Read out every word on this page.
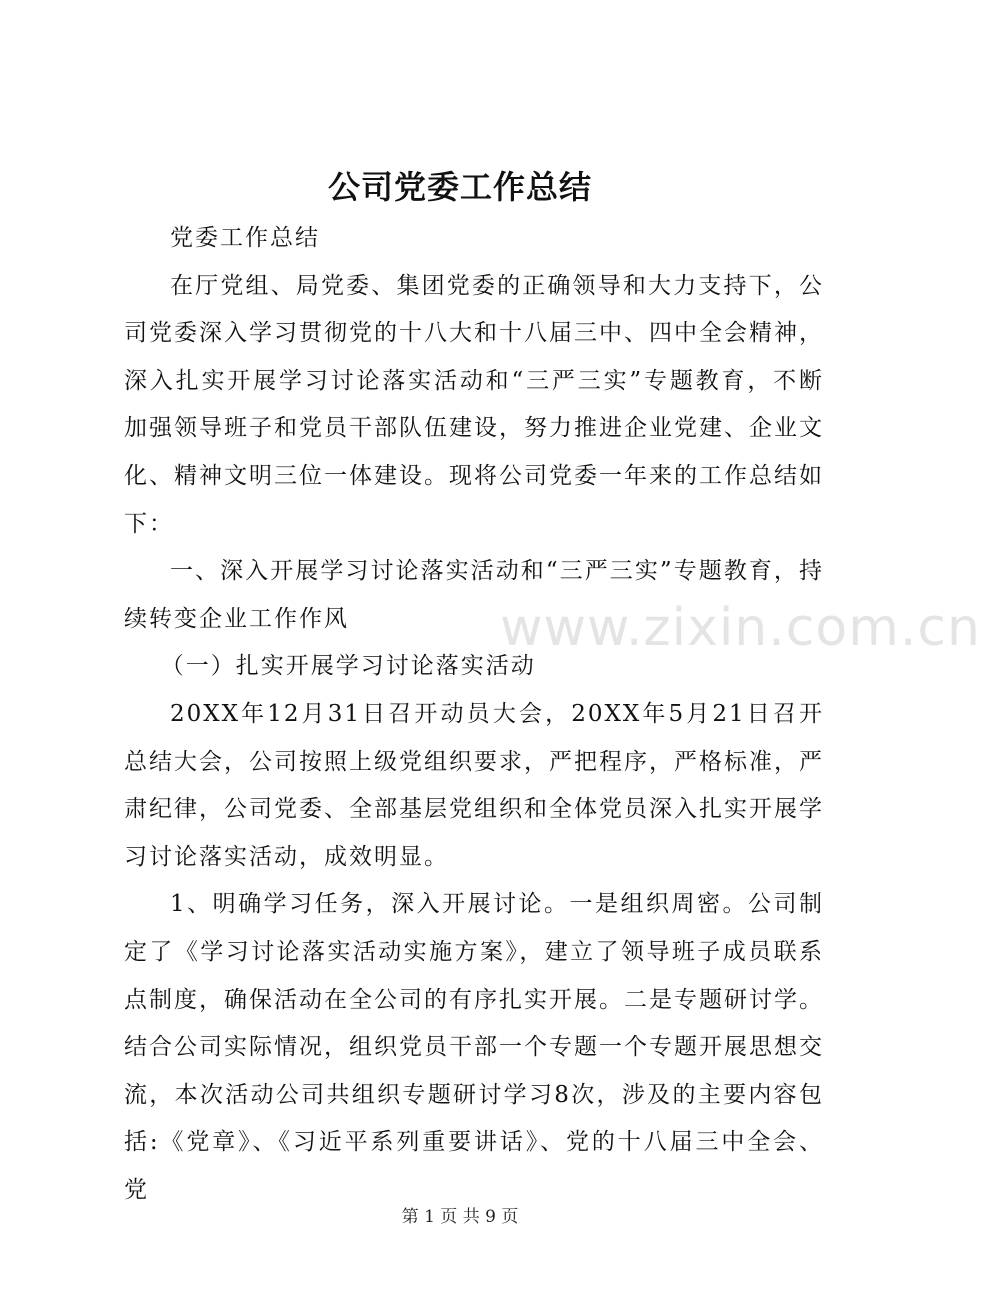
公司党委工作总结

党委工作总结

在厅党组、局党委、集团党委的正确领导和大力支持下，公司党委深入学习贯彻党的十八大和十八届三中、四中全会精神，深入扎实开展学习讨论落实活动和“三严三实”专题教育，不断加强领导班子和党员干部队伍建设，努力推进企业党建、企业文化、精神文明三位一体建设。现将公司党委一年来的工作总结如下：

一、深入开展学习讨论落实活动和“三严三实”专题教育，持续转变企业工作作风

（一）扎实开展学习讨论落实活动

20XX年12月31日召开动员大会，20XX年5月21日召开总结大会，公司按照上级党组织要求，严把程序，严格标准，严肃纪律，公司党委、全部基层党组织和全体党员深入扎实开展学习讨论落实活动，成效明显。

1、明确学习任务，深入开展讨论。一是组织周密。公司制定了《学习讨论落实活动实施方案》，建立了领导班子成员联系点制度，确保活动在全公司的有序扎实开展。二是专题研讨学。结合公司实际情况，组织党员干部一个专题一个专题开展思想交流，本次活动公司共组织专题研讨学习8次，涉及的主要内容包括:《党章》、《习近平系列重要讲话》、党的十八届三中全会、党

www.zixin.com.cn
第 1 页 共 9 页
